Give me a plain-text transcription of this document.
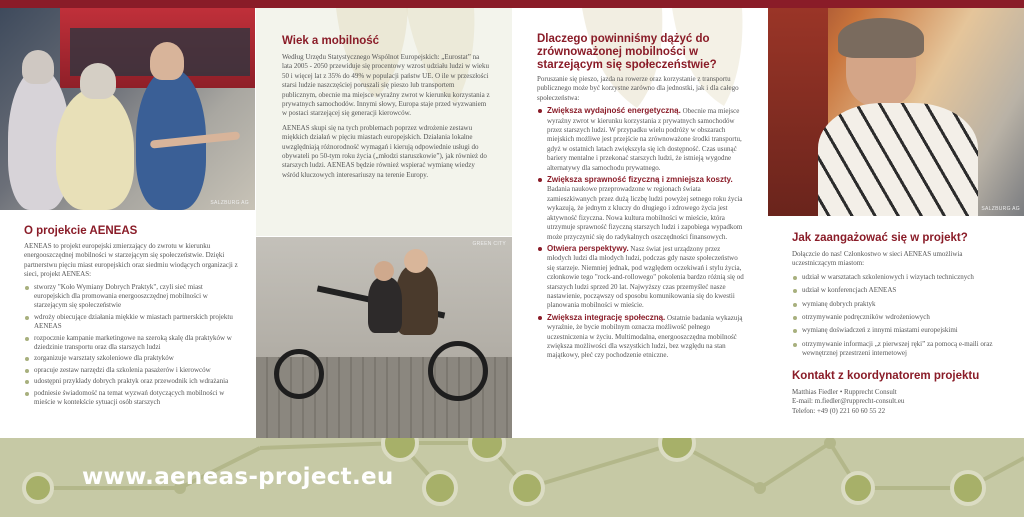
SALZBURG AG
Wiek a mobilność

Według Urzędu Statystycznego Wspólnot Europejskich: „Eurostat” na lata 2005 - 2050 przewiduje się procentowy wzrost udziału ludzi w wieku 50 i więcej lat z 35% do 49% w populacji państw UE. O ile w przeszłości starsi ludzie naszczęściej poruszali się pieszo lub transportem publicznym, obecnie ma miejsce wyraźny zwrot w kierunku korzystania z prywatnych samochodów. Innymi słowy, Europa staje przed wyzwaniem w postaci starzejącej się generacji kierowców.

AENEAS skupi się na tych problemach poprzez wdrożenie zestawu miękkich działań w pięciu miastach europejskich. Działania lokalne uwzględniają różnorodność wymagań i kierują odpowiednie usługi do obywateli po 50-tym roku życia („młodzi staruszkowie”), jak również do starszych ludzi. AENEAS będzie również wspierać wymianę wiedzy wśród kluczowych interesariuszy na terenie Europy.

GREEN CITY
O projekcie AENEAS

AENEAS to projekt europejski zmierzający do zwrotu w kierunku energooszczędnej mobilności w starzejącym się społeczeństwie. Dzięki partnerstwu pięciu miast europejskich oraz siedmiu wiodących organizacji z sieci, projekt AENEAS:

stworzy "Koło Wymiany Dobrych Praktyk", czyli sieć miast europejskich dla promowania energooszczędnej mobilności w starzejącym się społeczeństwie
wdroży obiecujące działania miękkie w miastach partnerskich projektu AENEAS
rozpocznie kampanie marketingowe na szeroką skalę dla praktyków w dziedzinie transportu oraz dla starszych ludzi
zorganizuje warsztaty szkoleniowe dla praktyków
opracuje zestaw narzędzi dla szkolenia pasażerów i kierowców
udostępni przykłady dobrych praktyk oraz przewodnik ich wdrażania
podniesie świadomość na temat wyzwań dotyczących mobilności w mieście w kontekście sytuacji osób starszych
Dlaczego powinniśmy dążyć do zrównoważonej mobilności w starzejącym się społeczeństwie?

Poruszanie się pieszo, jazda na rowerze oraz korzystanie z transportu publicznego może być korzystne zarówno dla jednostki, jak i dla całego społeczeństwa:

Zwiększa wydajność energetyczną. Obecnie ma miejsce wyraźny zwrot w kierunku korzystania z prywatnych samochodów przez starszych ludzi. W przypadku wielu podróży w obszarach miejskich możliwe jest przejście na zrównoważone środki transportu, gdyż w ostatnich latach zwiększyła się ich dostępność. Czas usunąć bariery mentalne i przekonać starszych ludzi, że istnieją wygodne alternatywy dla samochodu prywatnego.
Zwiększa sprawność fizyczną i zmniejsza koszty. Badania naukowe przeprowadzone w regionach świata zamieszkiwanych przez dużą liczbę ludzi powyżej setnego roku życia wykazują, że jednym z kluczy do długiego i zdrowego życia jest aktywność fizyczna. Nowa kultura mobilności w mieście, która utrzymuje sprawność fizyczną starszych ludzi i zapobiega wypadkom może przyczynić się do radykalnych oszczędności finansowych.
Otwiera perspektywy. Nasz świat jest urządzony przez młodych ludzi dla młodych ludzi, podczas gdy nasze społeczeństwo się starzeje. Niemniej jednak, pod względem oczekiwań i stylu życia, członkowie tego "rock-and-rollowego" pokolenia bardzo różnią się od starszych ludzi sprzed 20 lat. Najwyższy czas przemyśleć nasze nastawienie, począwszy od sposobu komunikowania się do kwestii planowania mobilności w mieście.
Zwiększa integrację społeczną. Ostatnie badania wykazują wyraźnie, że bycie mobilnym oznacza możliwość pełnego uczestniczenia w życiu. Multimodalna, energooszczędna mobilność zwiększa możliwości dla wszystkich ludzi, bez względu na stan majątkowy, płeć czy pochodzenie etniczne.
SALZBURG AG
Jak zaangażować się w projekt?

Dołączcie do nas! Członkostwo w sieci AENEAS umożliwia uczestniczącym miastom:

udział w warsztatach szkoleniowych i wizytach technicznych
udział w konferencjach AENEAS
wymianę dobrych praktyk
otrzymywanie podręczników wdrożeniowych
wymianę doświadczeń z innymi miastami europejskimi
otrzymywanie informacji „z pierwszej ręki” za pomocą e-maili oraz wewnętrznej przestrzeni internetowej
Kontakt z koordynatorem projektu
Matthias Fiedler • Rupprecht Consult
E-mail: m.fiedler@rupprecht-consult.eu
Telefon: +49 (0) 221 60 60 55 22
www.aeneas-project.eu
